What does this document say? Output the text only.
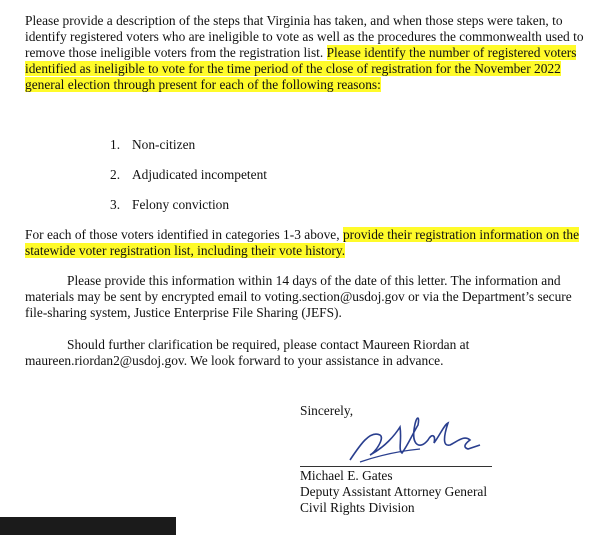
Please provide a description of the steps that Virginia has taken, and when those steps were taken, to identify registered voters who are ineligible to vote as well as the procedures the commonwealth used to remove those ineligible voters from the registration list. Please identify the number of registered voters identified as ineligible to vote for the time period of the close of registration for the November 2022 general election through present for each of the following reasons:

1. Non-citizen
2. Adjudicated incompetent
3. Felony conviction

For each of those voters identified in categories 1-3 above, provide their registration information on the statewide voter registration list, including their vote history.

Please provide this information within 14 days of the date of this letter. The information and materials may be sent by encrypted email to voting.section@usdoj.gov or via the Department’s secure file-sharing system, Justice Enterprise File Sharing (JEFS).

Should further clarification be required, please contact Maureen Riordan at maureen.riordan2@usdoj.gov. We look forward to your assistance in advance.

Sincerely,
Michael E. Gates
Deputy Assistant Attorney General
Civil Rights Division
